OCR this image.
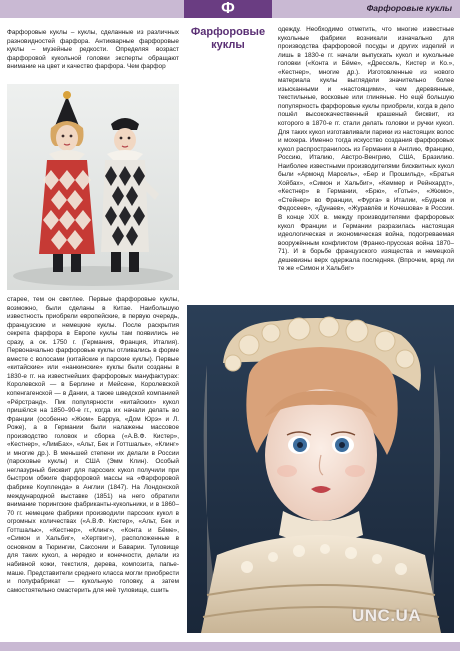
Ф	Фарфоровые куклы
Фарфоровые куклы

Фарфоровые куклы – куклы, сделанные из различных разновидностей фарфора. Антикварные фарфоровые куклы – музейные редкости. Определяя возраст фарфоровой кукольной головки эксперты обращают внимание на цвет и качество фарфора. Чем фарфор

старее, тем он светлее. Первые фарфоровые куклы, возможно, были сделаны в Китае. Наибольшую известность приобрели европейские, в первую очередь, французские и немецкие куклы. После раскрытия секрета фарфора в Европе куклы там появились не сразу, а ок. 1750 г. (Германия, Франция, Италия). Первоначально фарфоровые куклы отливались в форме вместе с волосами (китайские и парские куклы). Первые «китайские» или «нанкинские» куклы были созданы в 1830-е гг. на известнейших фарфоровых мануфактурах: Королевской — в Берлине и Мейсене, Королевской копенгагенской — в Дании, а также шведской компанией «Рёрстранд». Пик популярности «китайских» кукол пришёлся на 1850–90-е гг., когда их начали делать во Франции (особенно «Жюм» Барруа, «Дом Юрэ» и Л. Роже), а в Германии были налажены массовое производство головок и сборка («А.В.Ф. Кистер», «Кестнер», «ЛимБах», «Альт, Бек и Готтшальк», «Клинг» и многие др.). В меньшей степени их делали в России (парсковые куклы) и США (Эмм Клин). Особый неглазурный бисквит для парсских кукол получили при быстром обжиге фарфоровой массы на «Фарфоровой фабрике Коупленда» в Англии (1847). На Лондонской международной выставке (1851) на него обратили внимание тюрингские фабриканты-кукольники, и в 1860–70 гг. немецкие фабрики производили парсских кукол в огромных количествах («А.В.Ф. Кистер», «Альт, Бек и Готтшальк», «Кестнер», «Клинг», «Конта и Бёме», «Симон и Хальбиг», «Хертвиг»), расположенные в основном в Тюрингии, Саксонии и Баварии. Туловище для таких кукол, а нередко и конечности, делали из набивной кожи, текстиля, дерева, композита, папье-маше. Представители среднего класса могли приобрести и полуфабрикат — кукольную головку, а затем самостоятельно смастерить для неё туловище, сшить

одежду. Необходимо отметить, что многие известные кукольные фабрики возникали изначально для производства фарфоровой посуды и других изделий и лишь в 1830-е гг. начали выпускать кукол и кукольные головки («Конта и Бёме», «Дрессель, Кистер и Ко.», «Кестнер», многие др.). Изготовленные из нового материала куклы выглядели значительно более изысканными и «настоящими», чем деревянные, текстильные, восковые или глиняные. Но ещё большую популярность фарфоровые куклы приобрели, когда в дело пошёл высококачественный крашеный бисквит, из которого в 1870-е гг. стали делать головки и ручки кукол. Для таких кукол изготавливали парики из настоящих волос и мохера. Именно тогда искусство создания фарфоровых кукол распространилось из Германии в Англию, Францию, Россию, Италию, Австро-Венгрию, США, Бразилию. Наиболее известными производителями бисквитных кукол были «Армонд Марсель», «Бер и Прошильд», «Братья Хойбах», «Симон и Хальбиг», «Кеммер и Рейнхардт», «Кестнер» в Германии, «Брю», «Готье», «Жюмо», «Стейнер» во Франции, «Фурга» в Италии, «Буднов и Федосеев», «Дунаев», «Журавлёв и Кочешова» в России. В конце XIX в. между производителями фарфоровых кукол Франции и Германии разразилась настоящая идеологическая и экономическая война, подогреваемая вооружённым конфликтом (Франко-прусская война 1870–71). И в борьбе французского изящества и немецкой дешевизны верх одержала последняя. (Впрочем, вряд ли те же «Симон и Хальбиг»

UNC.UA
